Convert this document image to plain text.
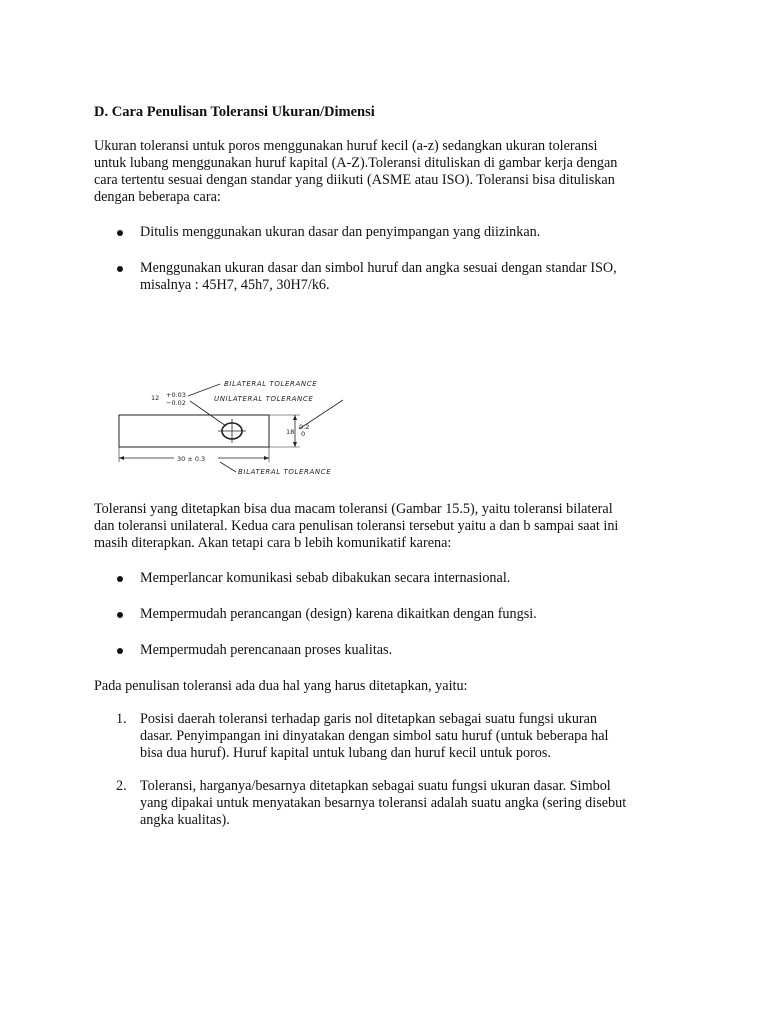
D. Cara Penulisan Toleransi Ukuran/Dimensi

Ukuran toleransi untuk poros menggunakan huruf kecil (a-z) sedangkan ukuran toleransi
untuk lubang menggunakan huruf kapital (A-Z).Toleransi dituliskan di gambar kerja dengan
cara tertentu sesuai dengan standar yang diikuti (ASME atau ISO). Toleransi bisa dituliskan
dengan beberapa cara:

Ditulis menggunakan ukuran dasar dan penyimpangan yang diizinkan.
Menggunakan ukuran dasar dan simbol huruf dan angka sesuai dengan standar ISO,
misalnya : 45H7, 45h7, 30H7/k6.
12 +0.03
−0.02
BILATERAL TOLERANCE
UNILATERAL TOLERANCE
18
0.2
0
30 ± 0.3
BILATERAL TOLERANCE

Toleransi yang ditetapkan bisa dua macam toleransi (Gambar 15.5), yaitu toleransi bilateral
dan toleransi unilateral. Kedua cara penulisan toleransi tersebut yaitu a dan b sampai saat ini
masih diterapkan. Akan tetapi cara b lebih komunikatif karena:

Memperlancar komunikasi sebab dibakukan secara internasional.
Mempermudah perancangan (design) karena dikaitkan dengan fungsi.
Mempermudah perencanaan proses kualitas.

Pada penulisan toleransi ada dua hal yang harus ditetapkan, yaitu:

1. Posisi daerah toleransi terhadap garis nol ditetapkan sebagai suatu fungsi ukuran
dasar. Penyimpangan ini dinyatakan dengan simbol satu huruf (untuk beberapa hal
bisa dua huruf). Huruf kapital untuk lubang dan huruf kecil untuk poros.
2. Toleransi, harganya/besarnya ditetapkan sebagai suatu fungsi ukuran dasar. Simbol
yang dipakai untuk menyatakan besarnya toleransi adalah suatu angka (sering disebut
angka kualitas).
